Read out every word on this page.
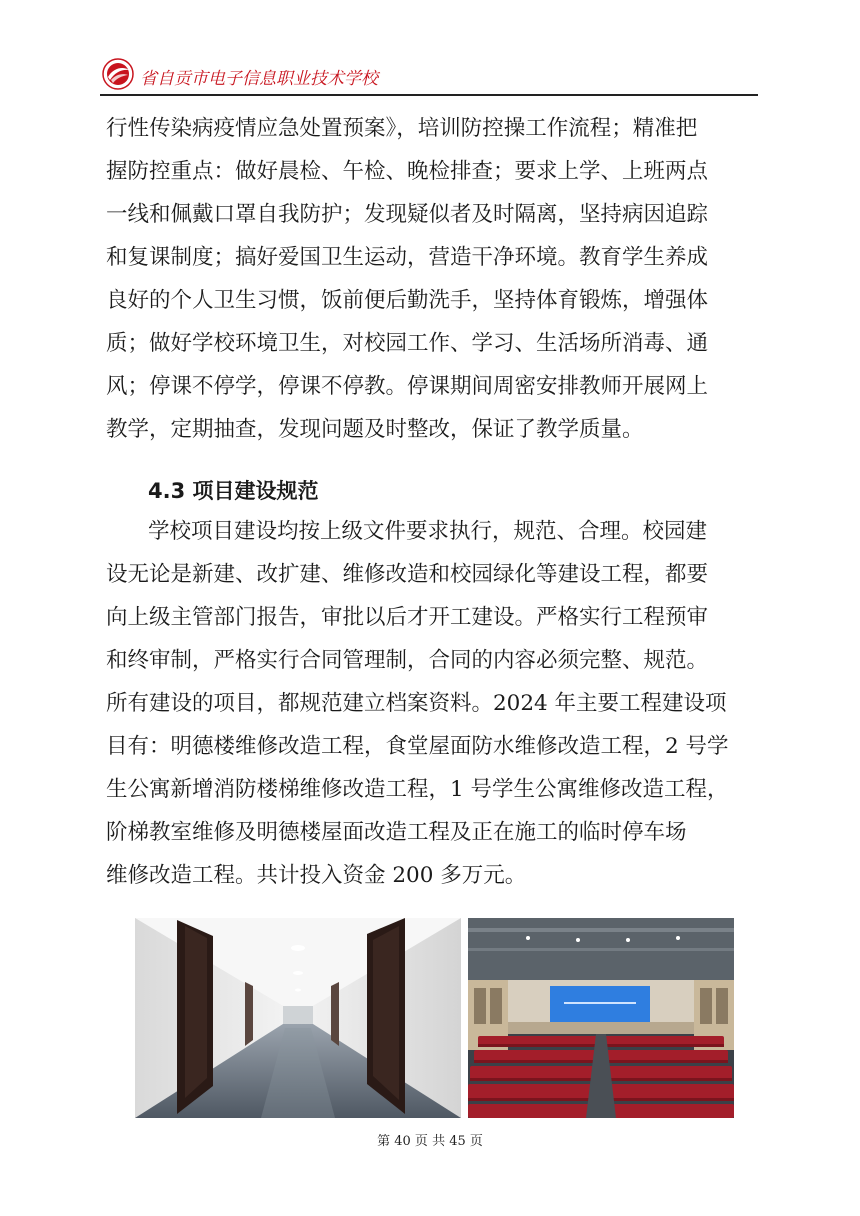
省自贡市电子信息职业技术学校
行性传染病疫情应急处置预案》，培训防控操工作流程；精准把
握防控重点：做好晨检、午检、晚检排查；要求上学、上班两点
一线和佩戴口罩自我防护；发现疑似者及时隔离，坚持病因追踪
和复课制度；搞好爱国卫生运动，营造干净环境。教育学生养成
良好的个人卫生习惯，饭前便后勤洗手，坚持体育锻炼，增强体
质；做好学校环境卫生，对校园工作、学习、生活场所消毒、通
风；停课不停学，停课不停教。停课期间周密安排教师开展网上
教学，定期抽查，发现问题及时整改，保证了教学质量。
4.3 项目建设规范
学校项目建设均按上级文件要求执行，规范、合理。校园建
设无论是新建、改扩建、维修改造和校园绿化等建设工程，都要
向上级主管部门报告，审批以后才开工建设。严格实行工程预审
和终审制，严格实行合同管理制，合同的内容必须完整、规范。
所有建设的项目，都规范建立档案资料。2024 年主要工程建设项
目有：明德楼维修改造工程，食堂屋面防水维修改造工程，2 号学
生公寓新增消防楼梯维修改造工程，1 号学生公寓维修改造工程，
阶梯教室维修及明德楼屋面改造工程及正在施工的临时停车场
维修改造工程。共计投入资金 200 多万元。
第 40 页 共 45 页
